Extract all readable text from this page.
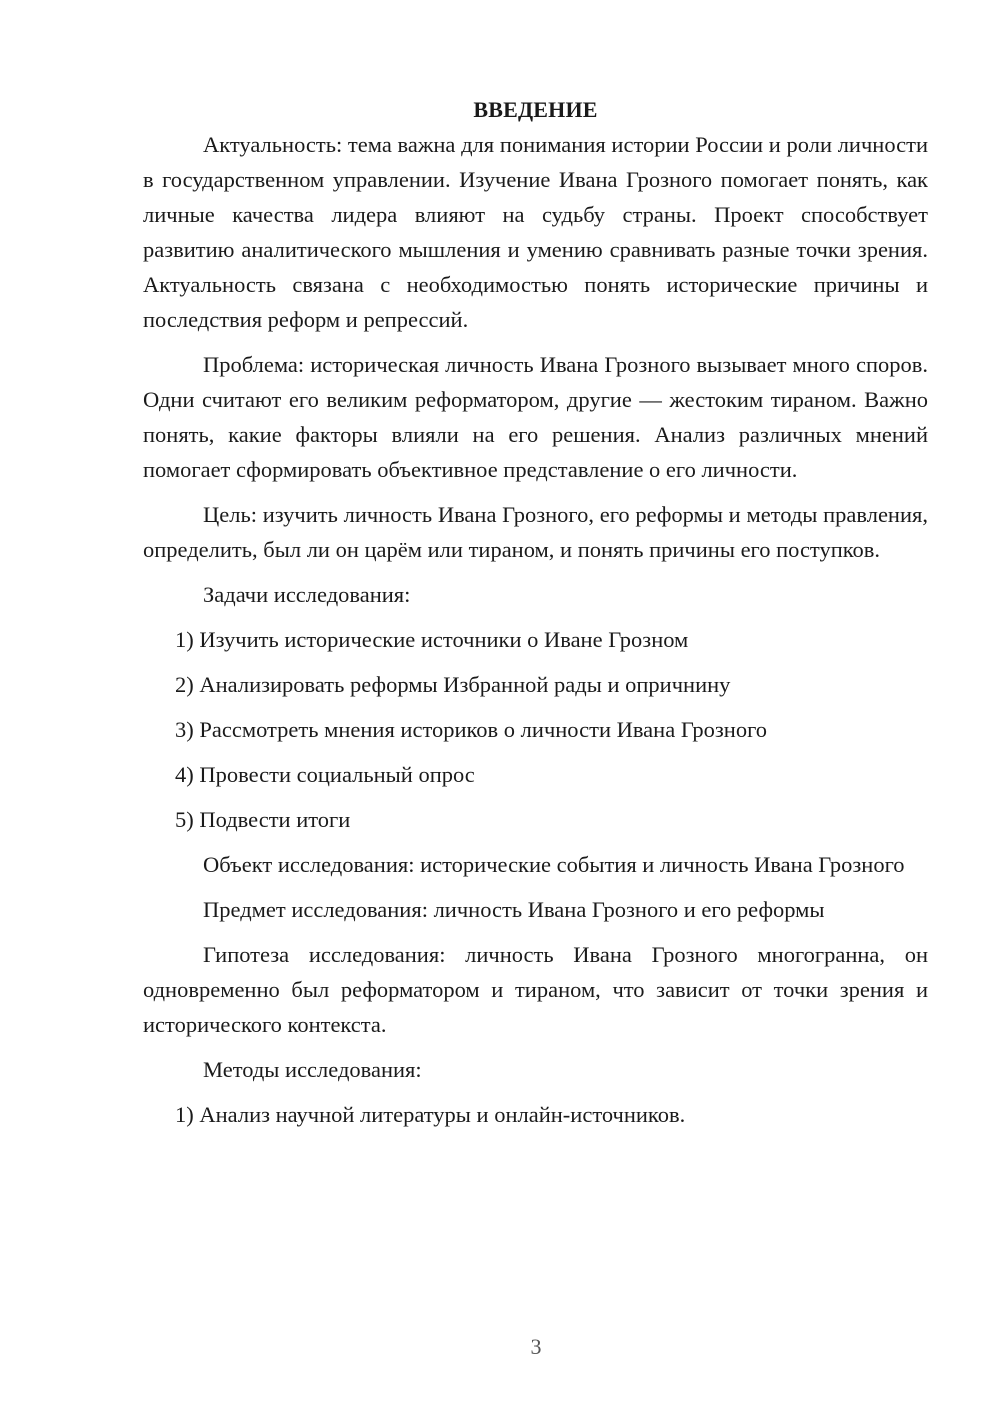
ВВЕДЕНИЕ

Актуальность: тема важна для понимания истории России и роли личности в государственном управлении. Изучение Ивана Грозного помогает понять, как личные качества лидера влияют на судьбу страны. Проект способствует развитию аналитического мышления и умению сравнивать разные точки зрения. Актуальность связана с необходимостью понять исторические причины и последствия реформ и репрессий.

Проблема: историческая личность Ивана Грозного вызывает много споров. Одни считают его великим реформатором, другие — жестоким тираном. Важно понять, какие факторы влияли на его решения. Анализ различных мнений помогает сформировать объективное представление о его личности.

Цель: изучить личность Ивана Грозного, его реформы и методы правления, определить, был ли он царём или тираном, и понять причины его поступков.

Задачи исследования:
1) Изучить исторические источники о Иване Грозном
2) Анализировать реформы Избранной рады и опричнину
3) Рассмотреть мнения историков о личности Ивана Грозного
4) Провести социальный опрос
5) Подвести итоги

Объект исследования: исторические события и личность Ивана Грозного

Предмет исследования: личность Ивана Грозного и его реформы

Гипотеза исследования: личность Ивана Грозного многогранна, он одновременно был реформатором и тираном, что зависит от точки зрения и исторического контекста.

Методы исследования:
1) Анализ научной литературы и онлайн-источников.
3
